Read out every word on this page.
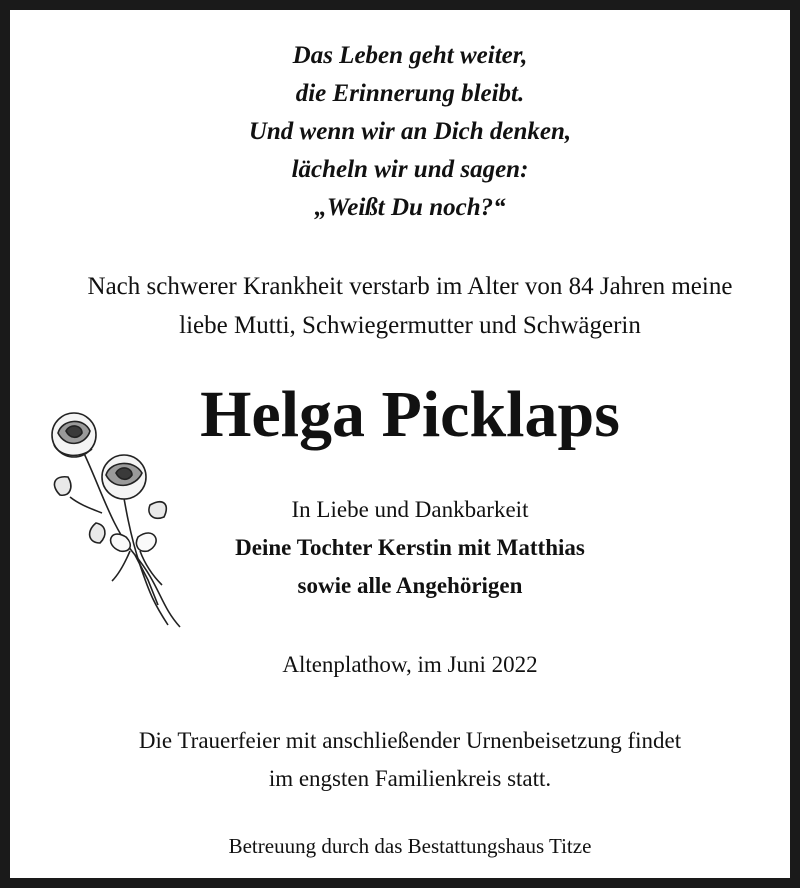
Das Leben geht weiter,

die Erinnerung bleibt.

Und wenn wir an Dich denken,

lächeln wir und sagen:

„Weißt Du noch?“

Nach schwerer Krankheit verstarb im Alter von 84 Jahren meine

liebe Mutti, Schwiegermutter und Schwägerin

Helga Picklaps

In Liebe und Dankbarkeit

Deine Tochter Kerstin mit Matthias

sowie alle Angehörigen

Altenplathow, im Juni 2022

Die Trauerfeier mit anschließender Urnenbeisetzung findet

im engsten Familienkreis statt.

Betreuung durch das Bestattungshaus Titze
